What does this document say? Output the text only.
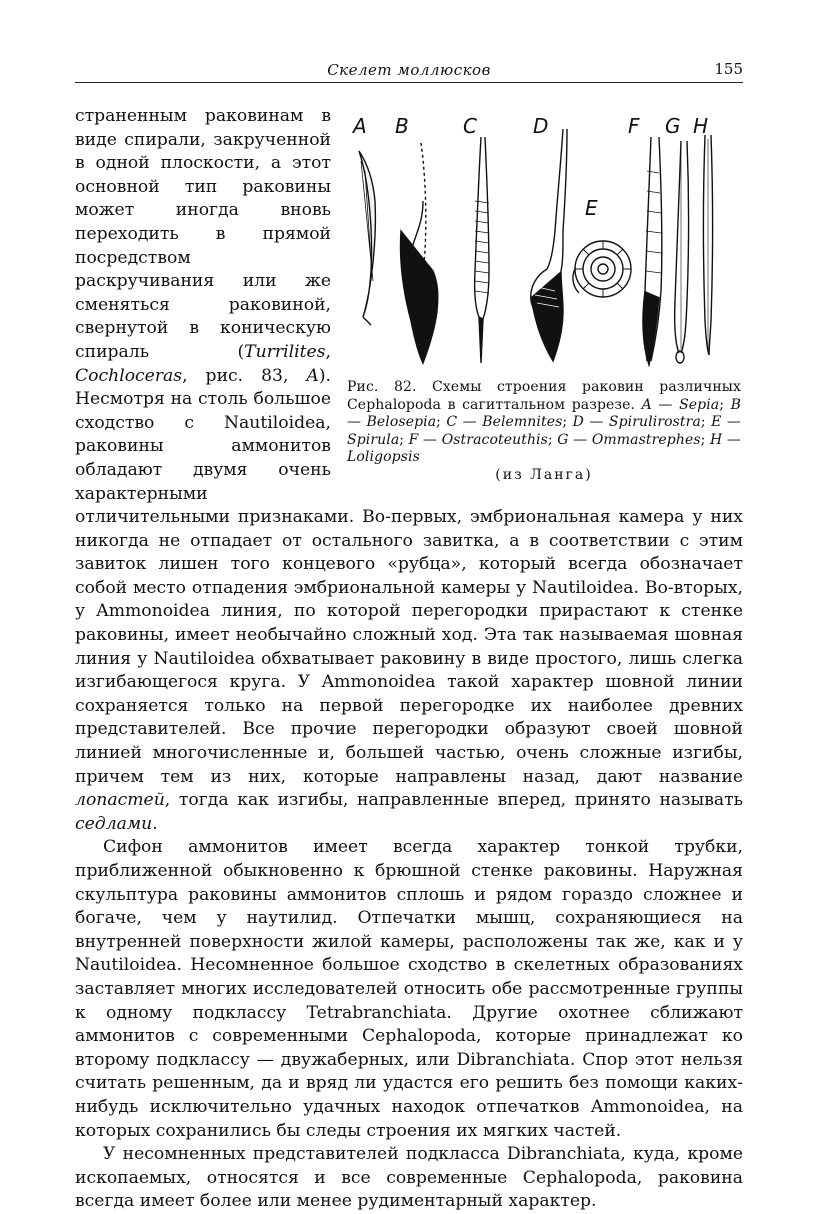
Скелет моллюсков	155
A B	C	D
E
F G H
Рис. 82. Схемы строения раковин различных Cephalopoda в сагиттальном разрезе. A — Sepia; B — Belosepia; C — Belemnites; D — Spirulirostra; E — Spirula; F — Ostracoteuthis; G — Ommastrephes; H — Loligopsis
(из Ланга)
страненным раковинам в виде спирали, закрученной в одной плоскости, а этот основной тип раковины может иногда вновь переходить в прямой посредством раскручивания или же сменяться раковиной, свернутой в коническую спираль (Turrilites, Cochloceras, рис. 83, A). Несмотря на столь большое сходство с Nautiloidea, раковины аммонитов обладают двумя очень характерными отличительными признаками. Во-первых, эмбриональная камера у них никогда не отпадает от остального завитка, а в соответствии с этим завиток лишен того концевого «рубца», который всегда обозначает собой место отпадения эмбриональной камеры у Nautiloidea. Во-вторых, у Ammonoidea линия, по которой перегородки прирастают к стенке раковины, имеет необычайно сложный ход. Эта так называемая шовная линия у Nautiloidea обхватывает раковину в виде простого, лишь слегка изгибающегося круга. У Ammonoidea такой характер шовной линии сохраняется только на первой перегородке их наиболее древних представителей. Все прочие перегородки образуют своей шовной линией многочисленные и, большей частью, очень сложные изгибы, причем тем из них, которые направлены назад, дают название лопастей, тогда как изгибы, направленные вперед, принято называть седлами.

Сифон аммонитов имеет всегда характер тонкой трубки, приближенной обыкновенно к брюшной стенке раковины. Наружная скульптура раковины аммонитов сплошь и рядом гораздо сложнее и богаче, чем у наутилид. Отпечатки мышц, сохраняющиеся на внутренней поверхности жилой камеры, расположены так же, как и у Nautiloidea. Несомненное большое сходство в скелетных образованиях заставляет многих исследователей относить обе рассмотренные группы к одному подклассу Tetrabranchiata. Другие охотнее сближают аммонитов с современными Cephalopoda, которые принадлежат ко второму подклассу — двужаберных, или Dibranchiata. Спор этот нельзя считать решенным, да и вряд ли удастся его решить без помощи каких-нибудь исключительно удачных находок отпечатков Ammonoidea, на которых сохранились бы следы строения их мягких частей.

У несомненных представителей подкласса Dibranchiata, куда, кроме ископаемых, относятся и все современные Cephalopoda, раковина всегда имеет более или менее рудиментарный характер.
